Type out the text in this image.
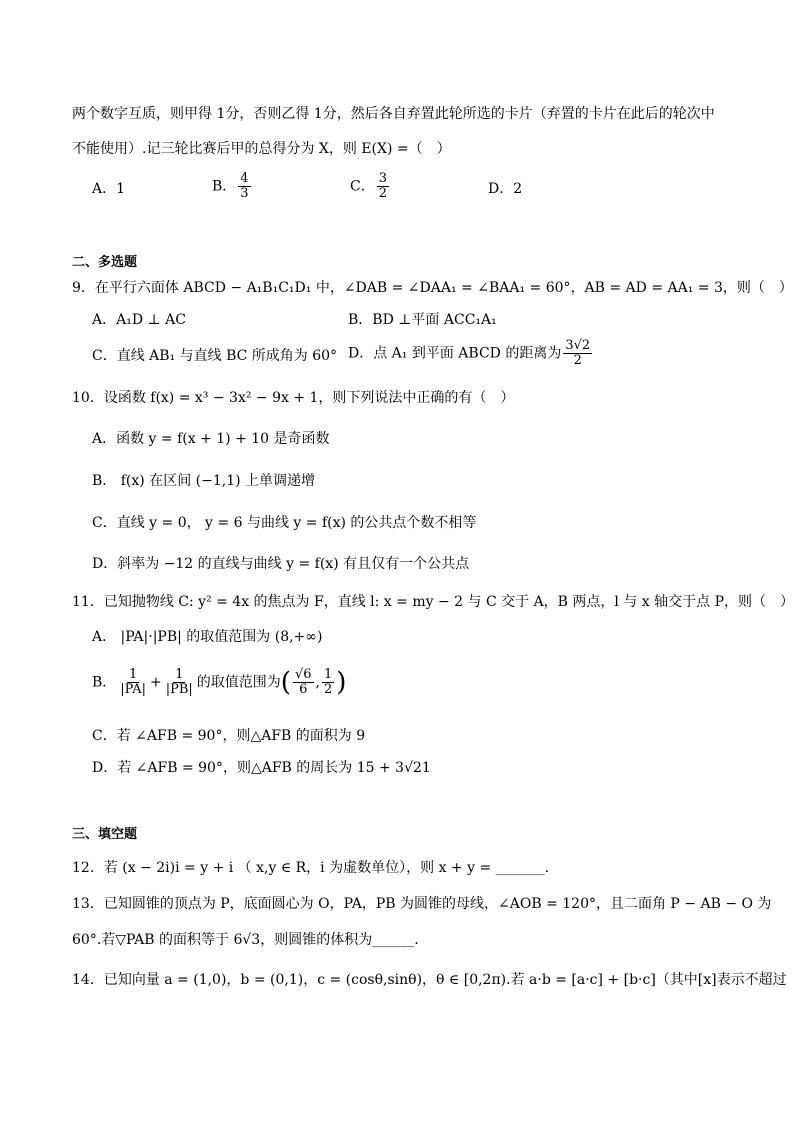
两个数字互质，则甲得 1分，否则乙得 1分，然后各自弃置此轮所选的卡片（弃置的卡片在此后的轮次中
不能使用）.记三轮比赛后甲的总得分为 X，则 E(X) =（　）
A．1	B． $\frac{4}{3}$	C． $\frac{3}{2}$	D．2
二、多选题
9．在平行六面体 ABCD − A₁B₁C₁D₁ 中，∠DAB = ∠DAA₁ = ∠BAA₁ = 60°，AB = AD = AA₁ = 3，则（　）
A．A₁D ⊥ AC	B．BD ⊥平面 ACC₁A₁
C．直线 AB₁ 与直线 BC 所成角为 60° D．点 A₁ 到平面 ABCD 的距离为 $\frac{3√2}{2}$
10．设函数 f(x) = x³ − 3x² − 9x + 1，则下列说法中正确的有（　）
A．函数 y = f(x + 1) + 10 是奇函数
B． f(x) 在区间 (−1,1) 上单调递增
C．直线 y = 0， y = 6 与曲线 y = f(x) 的公共点个数不相等
D．斜率为 −12 的直线与曲线 y = f(x) 有且仅有一个公共点
11．已知抛物线 C: y² = 4x 的焦点为 F，直线 l: x = my − 2 与 C 交于 A，B 两点，l 与 x 轴交于点 P，则（　）
A． |PA|·|PB| 的取值范围为 (8,+∞)
B． $\frac{1}{|PA|} + \frac{1}{|PB|}$ 的取值范围为( $\frac{√6}{6}$ , $\frac{1}{2}$ )
C．若 ∠AFB = 90°，则△AFB 的面积为 9
D．若 ∠AFB = 90°，则△AFB 的周长为 15 + 3√21
三、填空题
12．若 (x − 2i)i = y + i （ x,y ∈ R，i 为虚数单位），则 x + y = _______.
13．已知圆锥的顶点为 P，底面圆心为 O，PA，PB 为圆锥的母线，∠AOB = 120°，且二面角 P − AB − O 为
60°.若▽PAB 的面积等于 6√3，则圆锥的体积为______.
14．已知向量 a = (1,0)，b = (0,1)，c = (cosθ,sinθ)，θ ∈ [0,2π).若 a·b = [a·c] + [b·c]（其中[x]表示不超过
